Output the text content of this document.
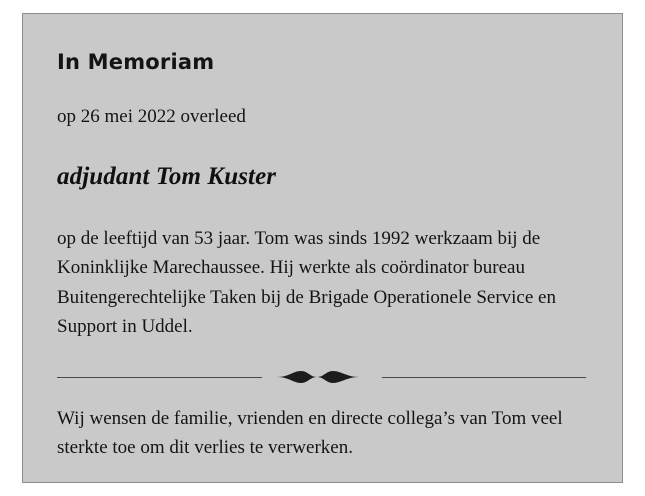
In Memoriam

op 26 mei 2022 overleed

adjudant Tom Kuster

op de leeftijd van 53 jaar. Tom was sinds 1992 werkzaam bij de Koninklijke Marechaussee. Hij werkte als coördinator bureau Buitengerechtelijke Taken bij de Brigade Operationele Service en Support in Uddel.

Wij wensen de familie, vrienden en directe collega’s van Tom veel sterkte toe om dit verlies te verwerken.
